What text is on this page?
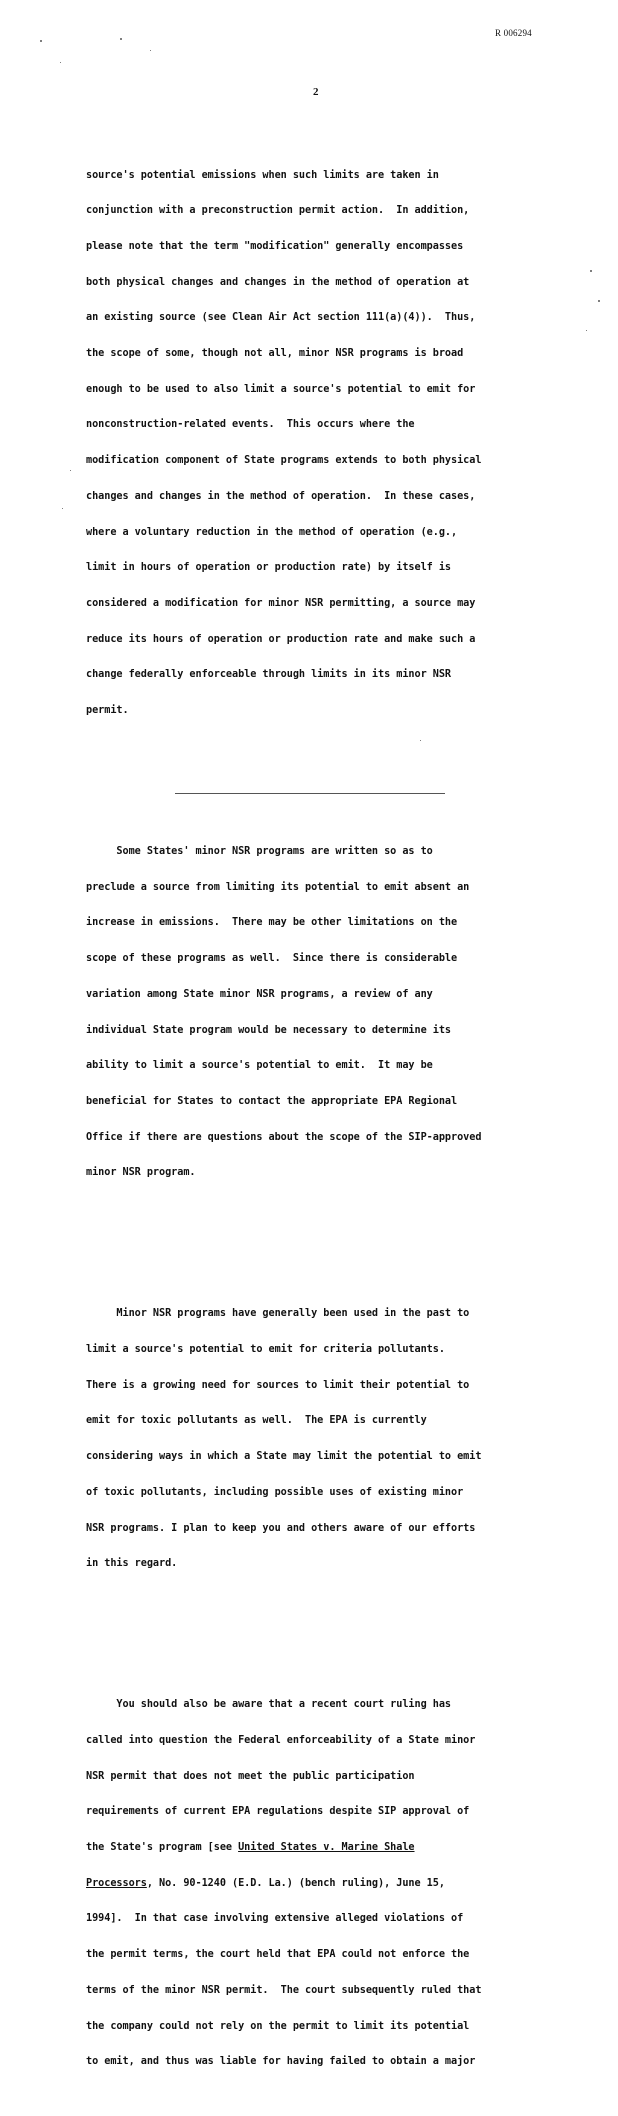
R 006294
2

source's potential emissions when such limits are taken in

conjunction with a preconstruction permit action.  In addition,

please note that the term "modification" generally encompasses

both physical changes and changes in the method of operation at

an existing source (see Clean Air Act section 111(a)(4)).  Thus,

the scope of some, though not all, minor NSR programs is broad

enough to be used to also limit a source's potential to emit for

nonconstruction-related events.  This occurs where the

modification component of State programs extends to both physical

changes and changes in the method of operation.  In these cases,

where a voluntary reduction in the method of operation (e.g.,

limit in hours of operation or production rate) by itself is

considered a modification for minor NSR permitting, a source may

reduce its hours of operation or production rate and make such a

change federally enforceable through limits in its minor NSR

permit.

Some States' minor NSR programs are written so as to

preclude a source from limiting its potential to emit absent an

increase in emissions.  There may be other limitations on the

scope of these programs as well.  Since there is considerable

variation among State minor NSR programs, a review of any

individual State program would be necessary to determine its

ability to limit a source's potential to emit.  It may be

beneficial for States to contact the appropriate EPA Regional

Office if there are questions about the scope of the SIP-approved

minor NSR program.

Minor NSR programs have generally been used in the past to

limit a source's potential to emit for criteria pollutants.

There is a growing need for sources to limit their potential to

emit for toxic pollutants as well.  The EPA is currently

considering ways in which a State may limit the potential to emit

of toxic pollutants, including possible uses of existing minor

NSR programs. I plan to keep you and others aware of our efforts

in this regard.

You should also be aware that a recent court ruling has

called into question the Federal enforceability of a State minor

NSR permit that does not meet the public participation

requirements of current EPA regulations despite SIP approval of

the State's program [see United States v. Marine Shale

Processors, No. 90-1240 (E.D. La.) (bench ruling), June 15,

1994].  In that case involving extensive alleged violations of

the permit terms, the court held that EPA could not enforce the

terms of the minor NSR permit.  The court subsequently ruled that

the company could not rely on the permit to limit its potential

to emit, and thus was liable for having failed to obtain a major
